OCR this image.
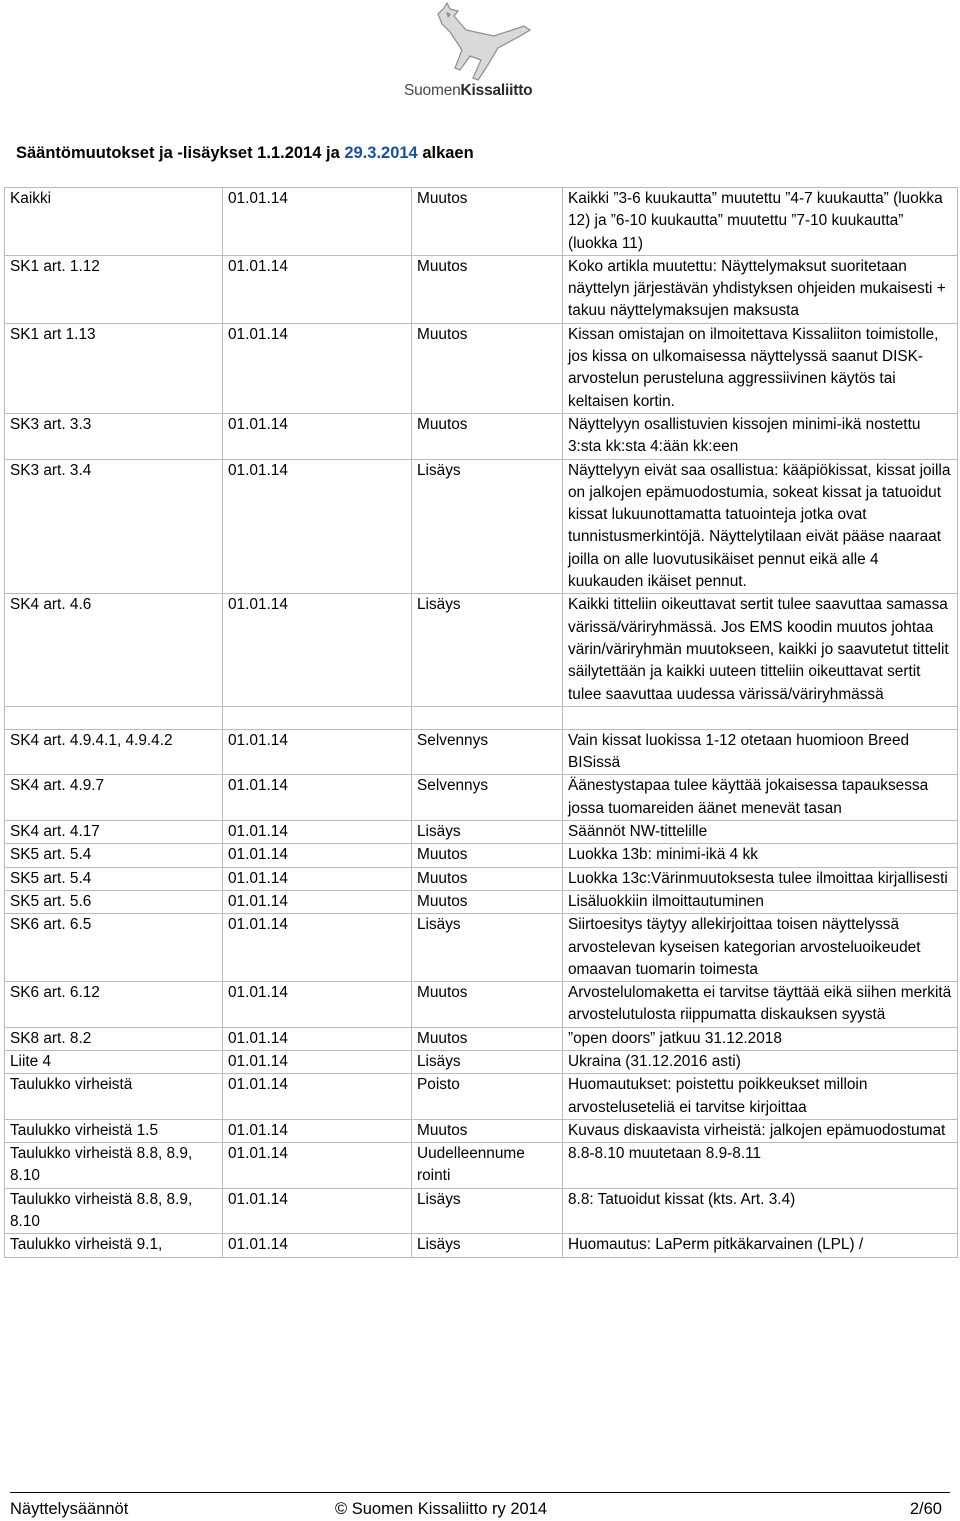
SuomenKissaliitto
Sääntömuutokset ja -lisäykset 1.1.2014 ja 29.3.2014 alkaen
Kaikki	01.01.14	Muutos	Kaikki ”3-6 kuukautta” muutettu ”4-7 kuukautta” (luokka 12) ja ”6-10 kuukautta” muutettu ”7-10 kuukautta” (luokka 11)
SK1 art. 1.12	01.01.14	Muutos	Koko artikla muutettu: Näyttelymaksut suoritetaan näyttelyn järjestävän yhdistyksen ohjeiden mukaisesti + takuu näyttelymaksujen maksusta
SK1 art 1.13	01.01.14	Muutos	Kissan omistajan on ilmoitettava Kissaliiton toimistolle, jos kissa on ulkomaisessa näyttelyssä saanut DISK- arvostelun perusteluna aggressiivinen käytös tai keltaisen kortin.
SK3 art. 3.3	01.01.14	Muutos	Näyttelyyn osallistuvien kissojen minimi-ikä nostettu 3:sta kk:sta 4:ään kk:een
SK3 art. 3.4	01.01.14	Lisäys	Näyttelyyn eivät saa osallistua: kääpiökissat, kissat joilla on jalkojen epämuodostumia, sokeat kissat ja tatuoidut kissat lukuunottamatta tatuointeja jotka ovat tunnistusmerkintöjä. Näyttelytilaan eivät pääse naaraat joilla on alle luovutusikäiset pennut eikä alle 4 kuukauden ikäiset pennut.
SK4 art. 4.6	01.01.14	Lisäys	Kaikki titteliin oikeuttavat sertit tulee saavuttaa samassa värissä/väriryhmässä. Jos EMS koodin muutos johtaa värin/väriryhmän muutokseen, kaikki jo saavutetut tittelit säilytettään ja kaikki uuteen titteliin oikeuttavat sertit tulee saavuttaa uudessa värissä/väriryhmässä

SK4 art. 4.9.4.1, 4.9.4.2	01.01.14	Selvennys	Vain kissat luokissa 1-12 otetaan huomioon Breed BISissä
SK4 art. 4.9.7	01.01.14	Selvennys	Äänestystapaa tulee käyttää jokaisessa tapauksessa jossa tuomareiden äänet menevät tasan
SK4 art. 4.17	01.01.14	Lisäys	Säännöt NW-tittelille
SK5 art. 5.4	01.01.14	Muutos	Luokka 13b: minimi-ikä 4 kk
SK5 art. 5.4	01.01.14	Muutos	Luokka 13c:Värinmuutoksesta tulee ilmoittaa kirjallisesti
SK5 art. 5.6	01.01.14	Muutos	Lisäluokkiin ilmoittautuminen
SK6 art. 6.5	01.01.14	Lisäys	Siirtoesitys täytyy allekirjoittaa toisen näyttelyssä arvostelevan kyseisen kategorian arvosteluoikeudet omaavan tuomarin toimesta
SK6 art. 6.12	01.01.14	Muutos	Arvostelulomaketta ei tarvitse täyttää eikä siihen merkitä arvostelutulosta riippumatta diskauksen syystä
SK8 art. 8.2	01.01.14	Muutos	”open doors” jatkuu 31.12.2018
Liite 4	01.01.14	Lisäys	Ukraina (31.12.2016 asti)
Taulukko virheistä	01.01.14	Poisto	Huomautukset: poistettu poikkeukset milloin arvosteluseteliä ei tarvitse kirjoittaa
Taulukko virheistä 1.5	01.01.14	Muutos	Kuvaus diskaavista virheistä: jalkojen epämuodostumat
Taulukko virheistä 8.8, 8.9, 8.10	01.01.14	Uudelleennume rointi	8.8-8.10 muutetaan 8.9-8.11
Taulukko virheistä 8.8, 8.9, 8.10	01.01.14	Lisäys	8.8: Tatuoidut kissat (kts. Art. 3.4)
Taulukko virheistä 9.1,	01.01.14	Lisäys	Huomautus: LaPerm pitkäkarvainen (LPL) /
Näyttelysäännöt	© Suomen Kissaliitto ry 2014	2/60
